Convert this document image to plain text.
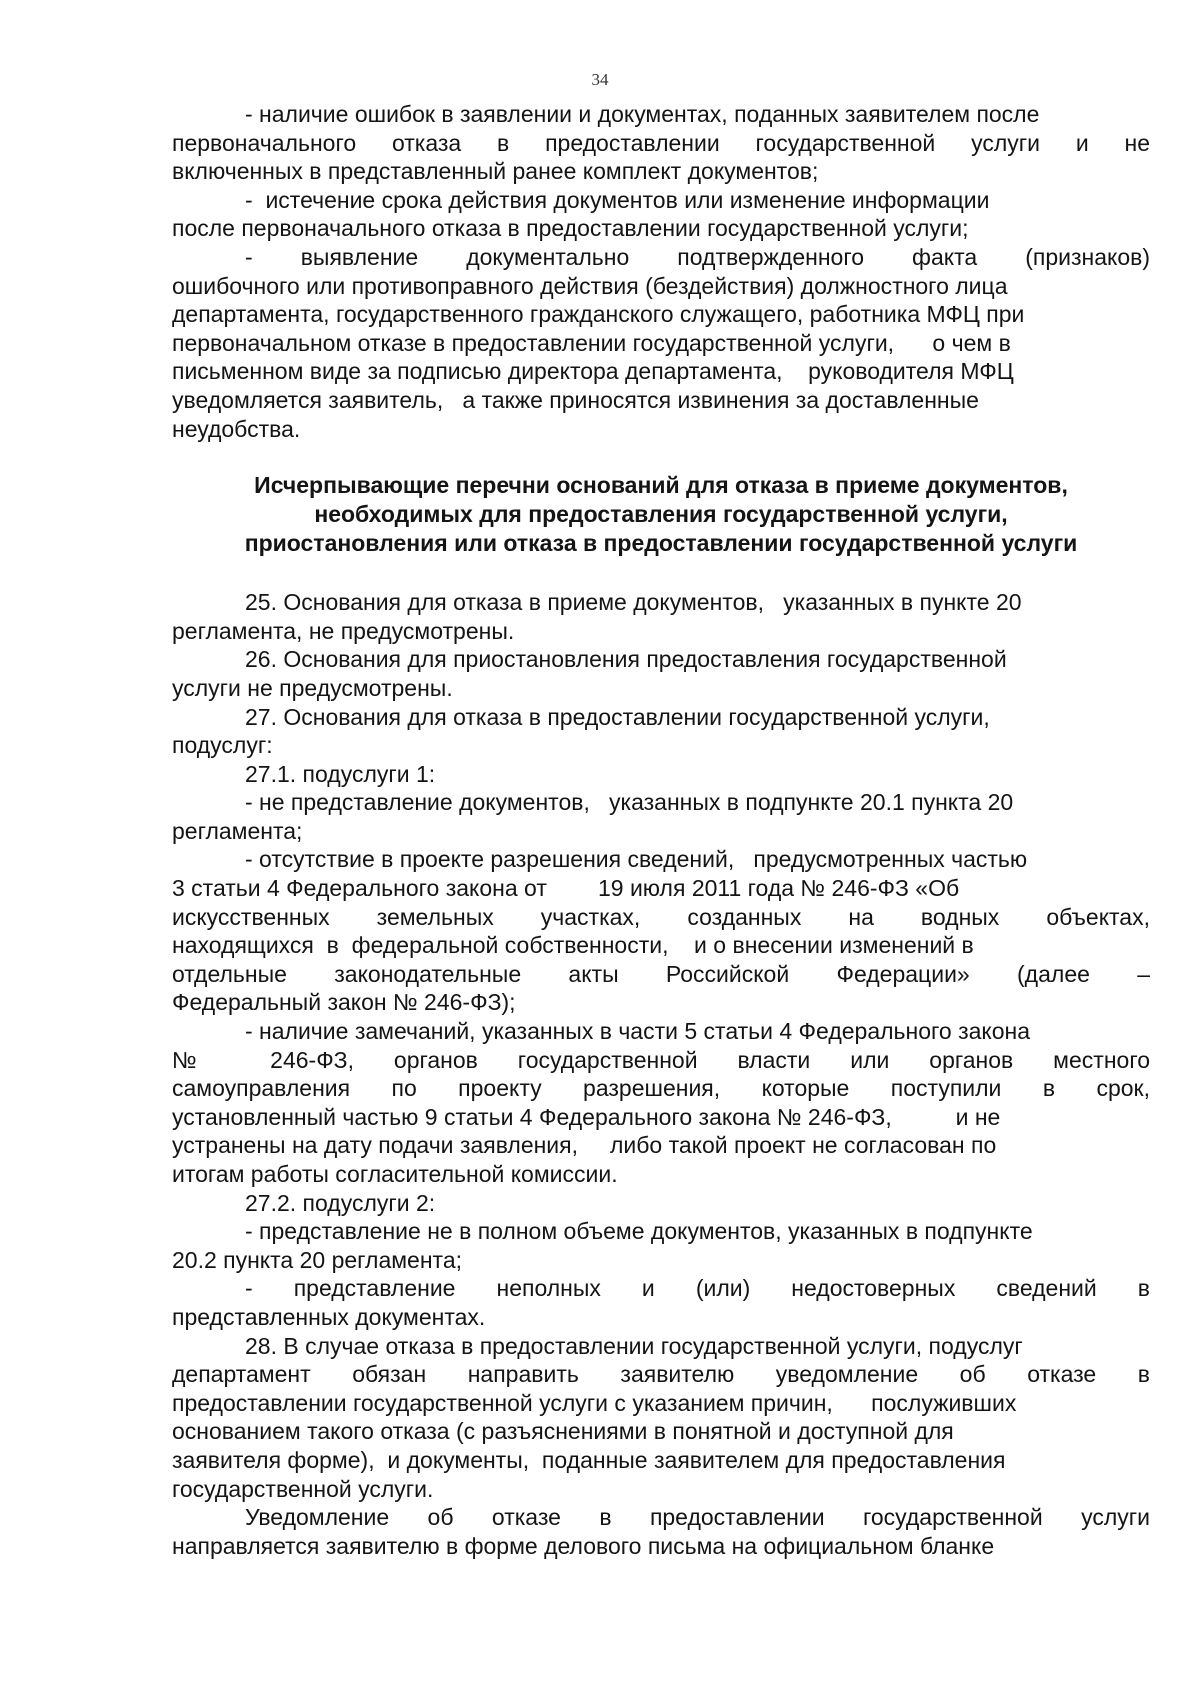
34
- наличие ошибок в заявлении и документах, поданных заявителем после
первоначального отказа в предоставлении государственной услуги и не
включенных в представленный ранее комплект документов;
-  истечение срока действия документов или изменение информации
после первоначального отказа в предоставлении государственной услуги;
- выявление документально подтвержденного факта (признаков)
ошибочного или противоправного действия (бездействия) должностного лица
департамента, государственного гражданского служащего, работника МФЦ при
первоначальном отказе в предоставлении государственной услуги,      о чем в
письменном виде за подписью директора департамента,    руководителя МФЦ
уведомляется заявитель,   а также приносятся извинения за доставленные
неудобства.
Исчерпывающие перечни оснований для отказа в приеме документов,
необходимых для предоставления государственной услуги,
приостановления или отказа в предоставлении государственной услуги
25. Основания для отказа в приеме документов,   указанных в пункте 20
регламента, не предусмотрены.
26. Основания для приостановления предоставления государственной
услуги не предусмотрены.
27. Основания для отказа в предоставлении государственной услуги,
подуслуг:
27.1. подуслуги 1:
- не представление документов,   указанных в подпункте 20.1 пункта 20
регламента;
- отсутствие в проекте разрешения сведений,   предусмотренных частью
3 статьи 4 Федерального закона от        19 июля 2011 года № 246-ФЗ «Об
искусственных земельных участках, созданных на водных объектах,
находящихся  в  федеральной собственности,    и о внесении изменений в
отдельные законодательные акты Российской Федерации» (далее –
Федеральный закон № 246-ФЗ);
- наличие замечаний, указанных в части 5 статьи 4 Федерального закона
№ 246-ФЗ, органов государственной власти или органов местного
самоуправления по проекту разрешения, которые поступили в срок,
установленный частью 9 статьи 4 Федерального закона № 246-ФЗ,          и не
устранены на дату подачи заявления,     либо такой проект не согласован по
итогам работы согласительной комиссии.
27.2. подуслуги 2:
- представление не в полном объеме документов, указанных в подпункте
20.2 пункта 20 регламента;
- представление неполных и (или) недостоверных сведений в
представленных документах.
28. В случае отказа в предоставлении государственной услуги, подуслуг
департамент обязан направить заявителю уведомление об отказе в
предоставлении государственной услуги с указанием причин,      послуживших
основанием такого отказа (с разъяснениями в понятной и доступной для
заявителя форме),  и документы,  поданные заявителем для предоставления
государственной услуги.
Уведомление об отказе в предоставлении государственной услуги
направляется заявителю в форме делового письма на официальном бланке
